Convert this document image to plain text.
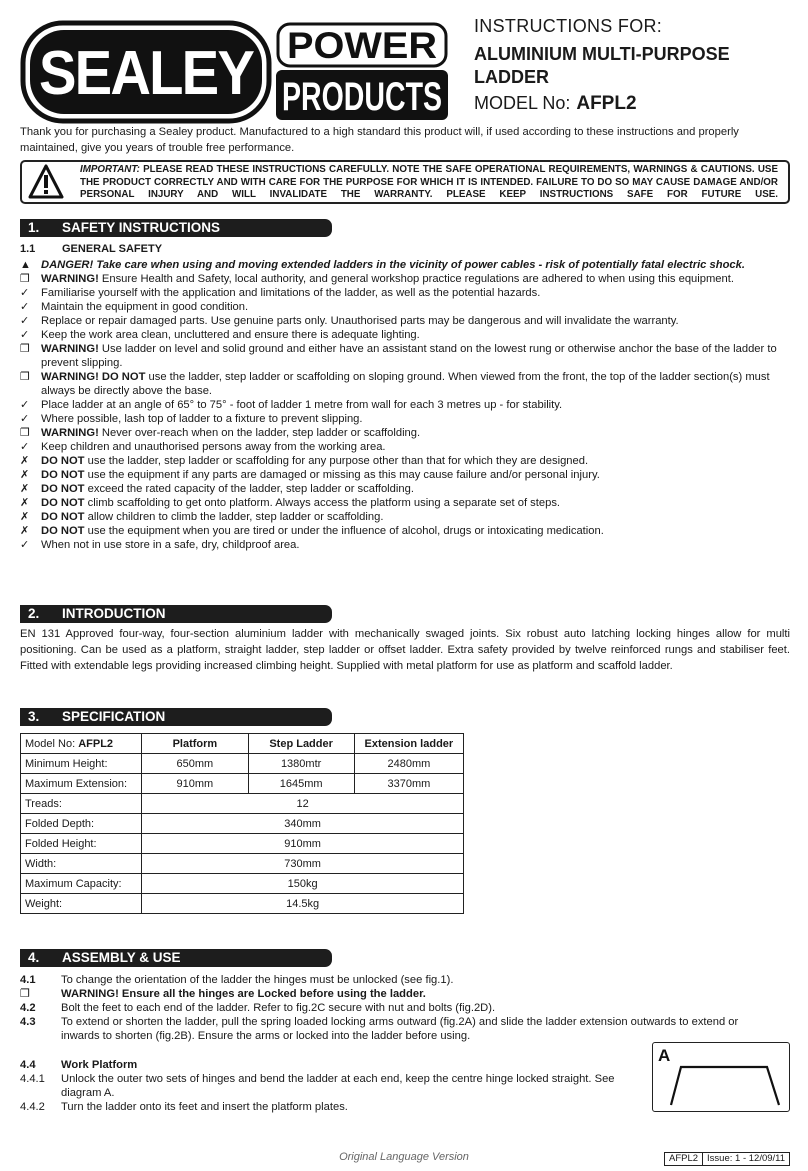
SEALEY POWER
PRODUCTS
INSTRUCTIONS FOR:
ALUMINIUM MULTI-PURPOSE
LADDER
MODEL No: AFPL2
Thank you for purchasing a Sealey product. Manufactured to a high standard this product will, if used according to these instructions and properly maintained, give you years of trouble free performance.
IMPORTANT: PLEASE READ THESE INSTRUCTIONS CAREFULLY. NOTE THE SAFE OPERATIONAL REQUIREMENTS, WARNINGS & CAUTIONS. USE THE PRODUCT CORRECTLY AND WITH CARE FOR THE PURPOSE FOR WHICH IT IS INTENDED. FAILURE TO DO SO MAY CAUSE DAMAGE AND/OR PERSONAL INJURY AND WILL INVALIDATE THE WARRANTY. PLEASE KEEP INSTRUCTIONS SAFE FOR FUTURE USE.
1. SAFETY INSTRUCTIONS
1.1 GENERAL SAFETY
▲ DANGER! Take care when using and moving extended ladders in the vicinity of power cables - risk of potentially fatal electric shock.
❐ WARNING! Ensure Health and Safety, local authority, and general workshop practice regulations are adhered to when using this equipment.
✓	Familiarise yourself with the application and limitations of the ladder, as well as the potential hazards.
✓	Maintain the equipment in good condition.
✓	Replace or repair damaged parts. Use genuine parts only. Unauthorised parts may be dangerous and will invalidate the warranty.
✓	Keep the work area clean, uncluttered and ensure there is adequate lighting.
❐ WARNING! Use ladder on level and solid ground and either have an assistant stand on the lowest rung or otherwise anchor the base of the ladder to prevent slipping.
❐ WARNING! DO NOT use the ladder, step ladder or scaffolding on sloping ground. When viewed from the front, the top of the ladder section(s) must always be directly above the base.
✓	Place ladder at an angle of 65° to 75° - foot of ladder 1 metre from wall for each 3 metres up - for stability.
✓	Where possible, lash top of ladder to a fixture to prevent slipping.
❐ WARNING! Never over-reach when on the ladder, step ladder or scaffolding.
✓	Keep children and unauthorised persons away from the working area.
✗	DO NOT use the ladder, step ladder or scaffolding for any purpose other than that for which they are designed.
✗	DO NOT use the equipment if any parts are damaged or missing as this may cause failure and/or personal injury.
✗	DO NOT exceed the rated capacity of the ladder, step ladder or scaffolding.
✗	DO NOT climb scaffolding to get onto platform. Always access the platform using a separate set of steps.
✗	DO NOT allow children to climb the ladder, step ladder or scaffolding.
✗	DO NOT use the equipment when you are tired or under the influence of alcohol, drugs or intoxicating medication.
✓	When not in use store in a safe, dry, childproof area.
2. INTRODUCTION
EN 131 Approved four-way, four-section aluminium ladder with mechanically swaged joints. Six robust auto latching locking hinges allow for multi positioning. Can be used as a platform, straight ladder, step ladder or offset ladder. Extra safety provided by twelve reinforced rungs and stabiliser feet. Fitted with extendable legs providing increased climbing height. Supplied with metal platform for use as platform and scaffold ladder.
3. SPECIFICATION
Model No: AFPL2	Platform	Step Ladder	Extension ladder
Minimum Height:	650mm	1380mtr	2480mm
Maximum Extension:	910mm	1645mm	3370mm
Treads:	12		
Folded Depth:	340mm		
Folded Height:	910mm		
Width:	730mm		
Maximum Capacity:	150kg		
Weight:	14.5kg		
4. ASSEMBLY & USE
4.1 To change the orientation of the ladder the hinges must be unlocked (see fig.1).
❐	WARNING! Ensure all the hinges are Locked before using the ladder.
4.2 Bolt the feet to each end of the ladder. Refer to fig.2C secure with nut and bolts (fig.2D).
4.3 To extend or shorten the ladder, pull the spring loaded locking arms outward (fig.2A) and slide the ladder extension outwards to extend or inwards to shorten (fig.2B). Ensure the arms or locked into the ladder before using.
4.4 Work Platform
4.4.1 Unlock the outer two sets of hinges and bend the ladder at each end, keep the centre hinge locked straight. See diagram A.
4.4.2 Turn the ladder onto its feet and insert the platform plates.
A
Original Language Version	AFPL2 Issue: 1 - 12/09/11
